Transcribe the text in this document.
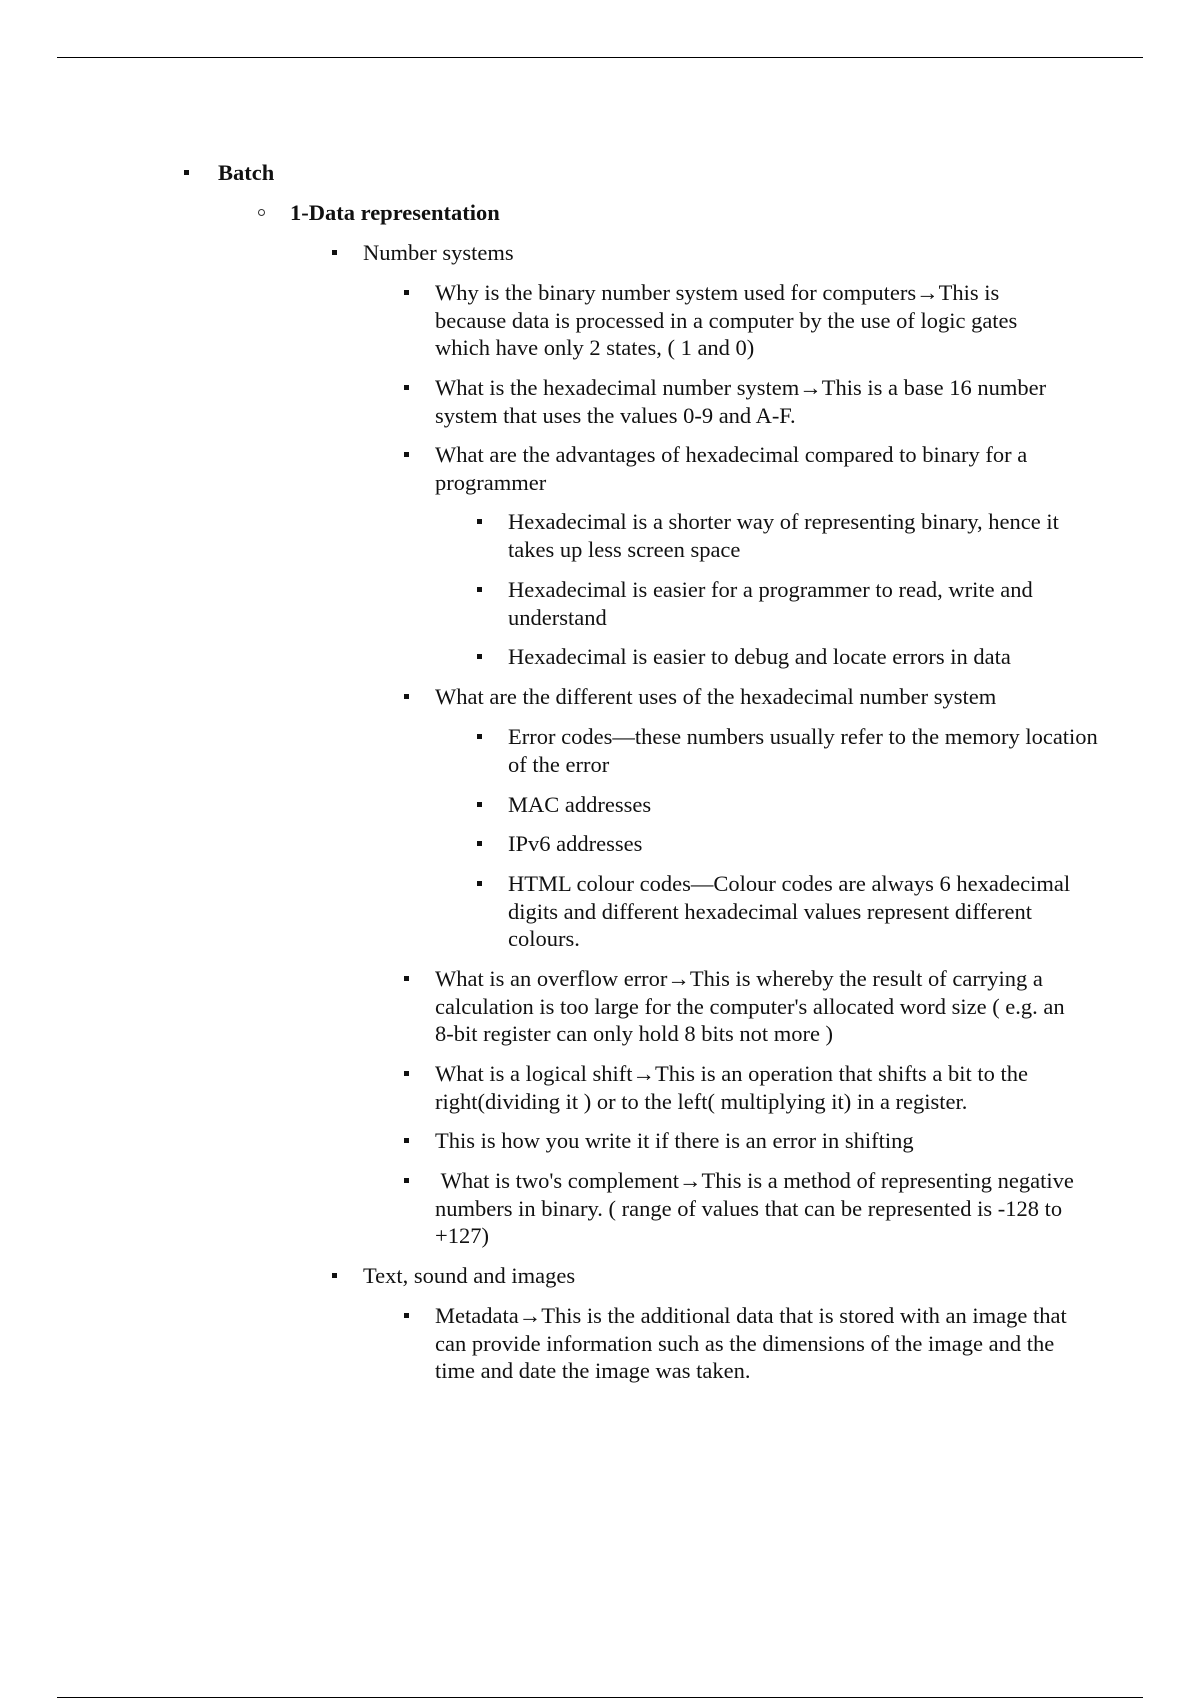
Batch
1-Data representation
Number systems
Why is the binary number system used for computers→This is because data is processed in a computer by the use of logic gates which have only 2 states, ( 1 and 0)
What is the hexadecimal number system→This is a base 16 number system that uses the values 0-9 and A-F.
What are the advantages of hexadecimal compared to binary for a programmer
Hexadecimal is a shorter way of representing binary, hence it takes up less screen space
Hexadecimal is easier for a programmer to read, write and understand
Hexadecimal is easier to debug and locate errors in data
What are the different uses of the hexadecimal number system
Error codes—these numbers usually refer to the memory location of the error
MAC addresses
IPv6 addresses
HTML colour codes—Colour codes are always 6 hexadecimal digits and different hexadecimal values represent different colours.
What is an overflow error→This is whereby the result of carrying a calculation is too large for the computer's allocated word size ( e.g. an 8-bit register can only hold 8 bits not more )
What is a logical shift→This is an operation that shifts a bit to the right(dividing it ) or to the left( multiplying it) in a register.
This is how you write it if there is an error in shifting
What is two's complement→This is a method of representing negative numbers in binary. ( range of values that can be represented is -128 to +127)
Text, sound and images
Metadata→This is the additional data that is stored with an image that can provide information such as the dimensions of the image and the time and date the image was taken.
